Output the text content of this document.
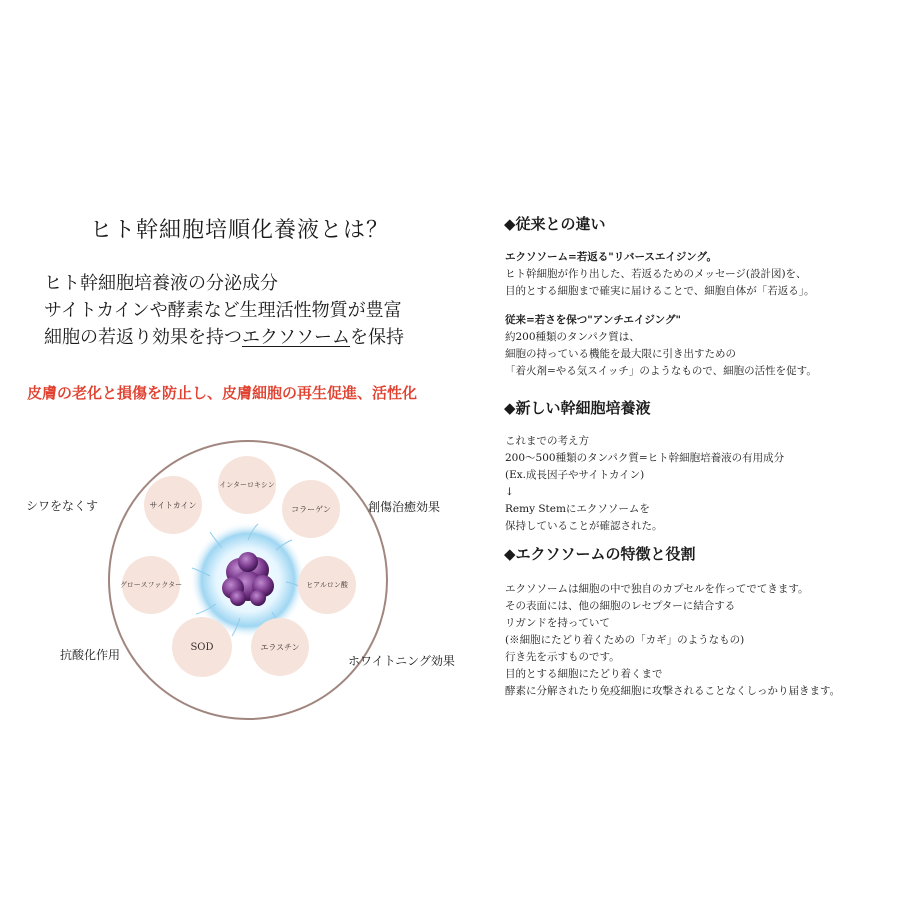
ヒト幹細胞培順化養液とは？
ヒト幹細胞培養液の分泌成分
サイトカインや酵素など生理活性物質が豊富
細胞の若返り効果を持つエクソソームを保持
皮膚の老化と損傷を防止し、皮膚細胞の再生促進、活性化
インターロキシン
コラーゲン
ヒアルロン酸
エラスチン
SOD
グロースファクター
サイトカイン
シワをなくす	創傷治癒効果
抗酸化作用	ホワイトニング効果
◆従来との違い
エクソソーム=若返る"リバースエイジング。
ヒト幹細胞が作り出した、若返るためのメッセージ(設計図)を、
目的とする細胞まで確実に届けることで、細胞自体が「若返る」。
従来=若さを保つ"アンチエイジング"
約200種類のタンパク質は、
細胞の持っている機能を最大限に引き出すための
「着火剤=やる気スイッチ」のようなもので、細胞の活性を促す。
◆新しい幹細胞培養液
これまでの考え方
200〜500種類のタンパク質=ヒト幹細胞培養液の有用成分
(Ex.成長因子やサイトカイン)
↓
Remy Stemにエクソソームを
保持していることが確認された。
◆エクソソームの特徴と役割
エクソソームは細胞の中で独自のカプセルを作ってでてきます。
その表面には、他の細胞のレセプターに結合する
リガンドを持っていて
(※細胞にたどり着くための「カギ」のようなもの)
行き先を示すものです。
目的とする細胞にたどり着くまで
酵素に分解されたり免疫細胞に攻撃されることなくしっかり届きます。
